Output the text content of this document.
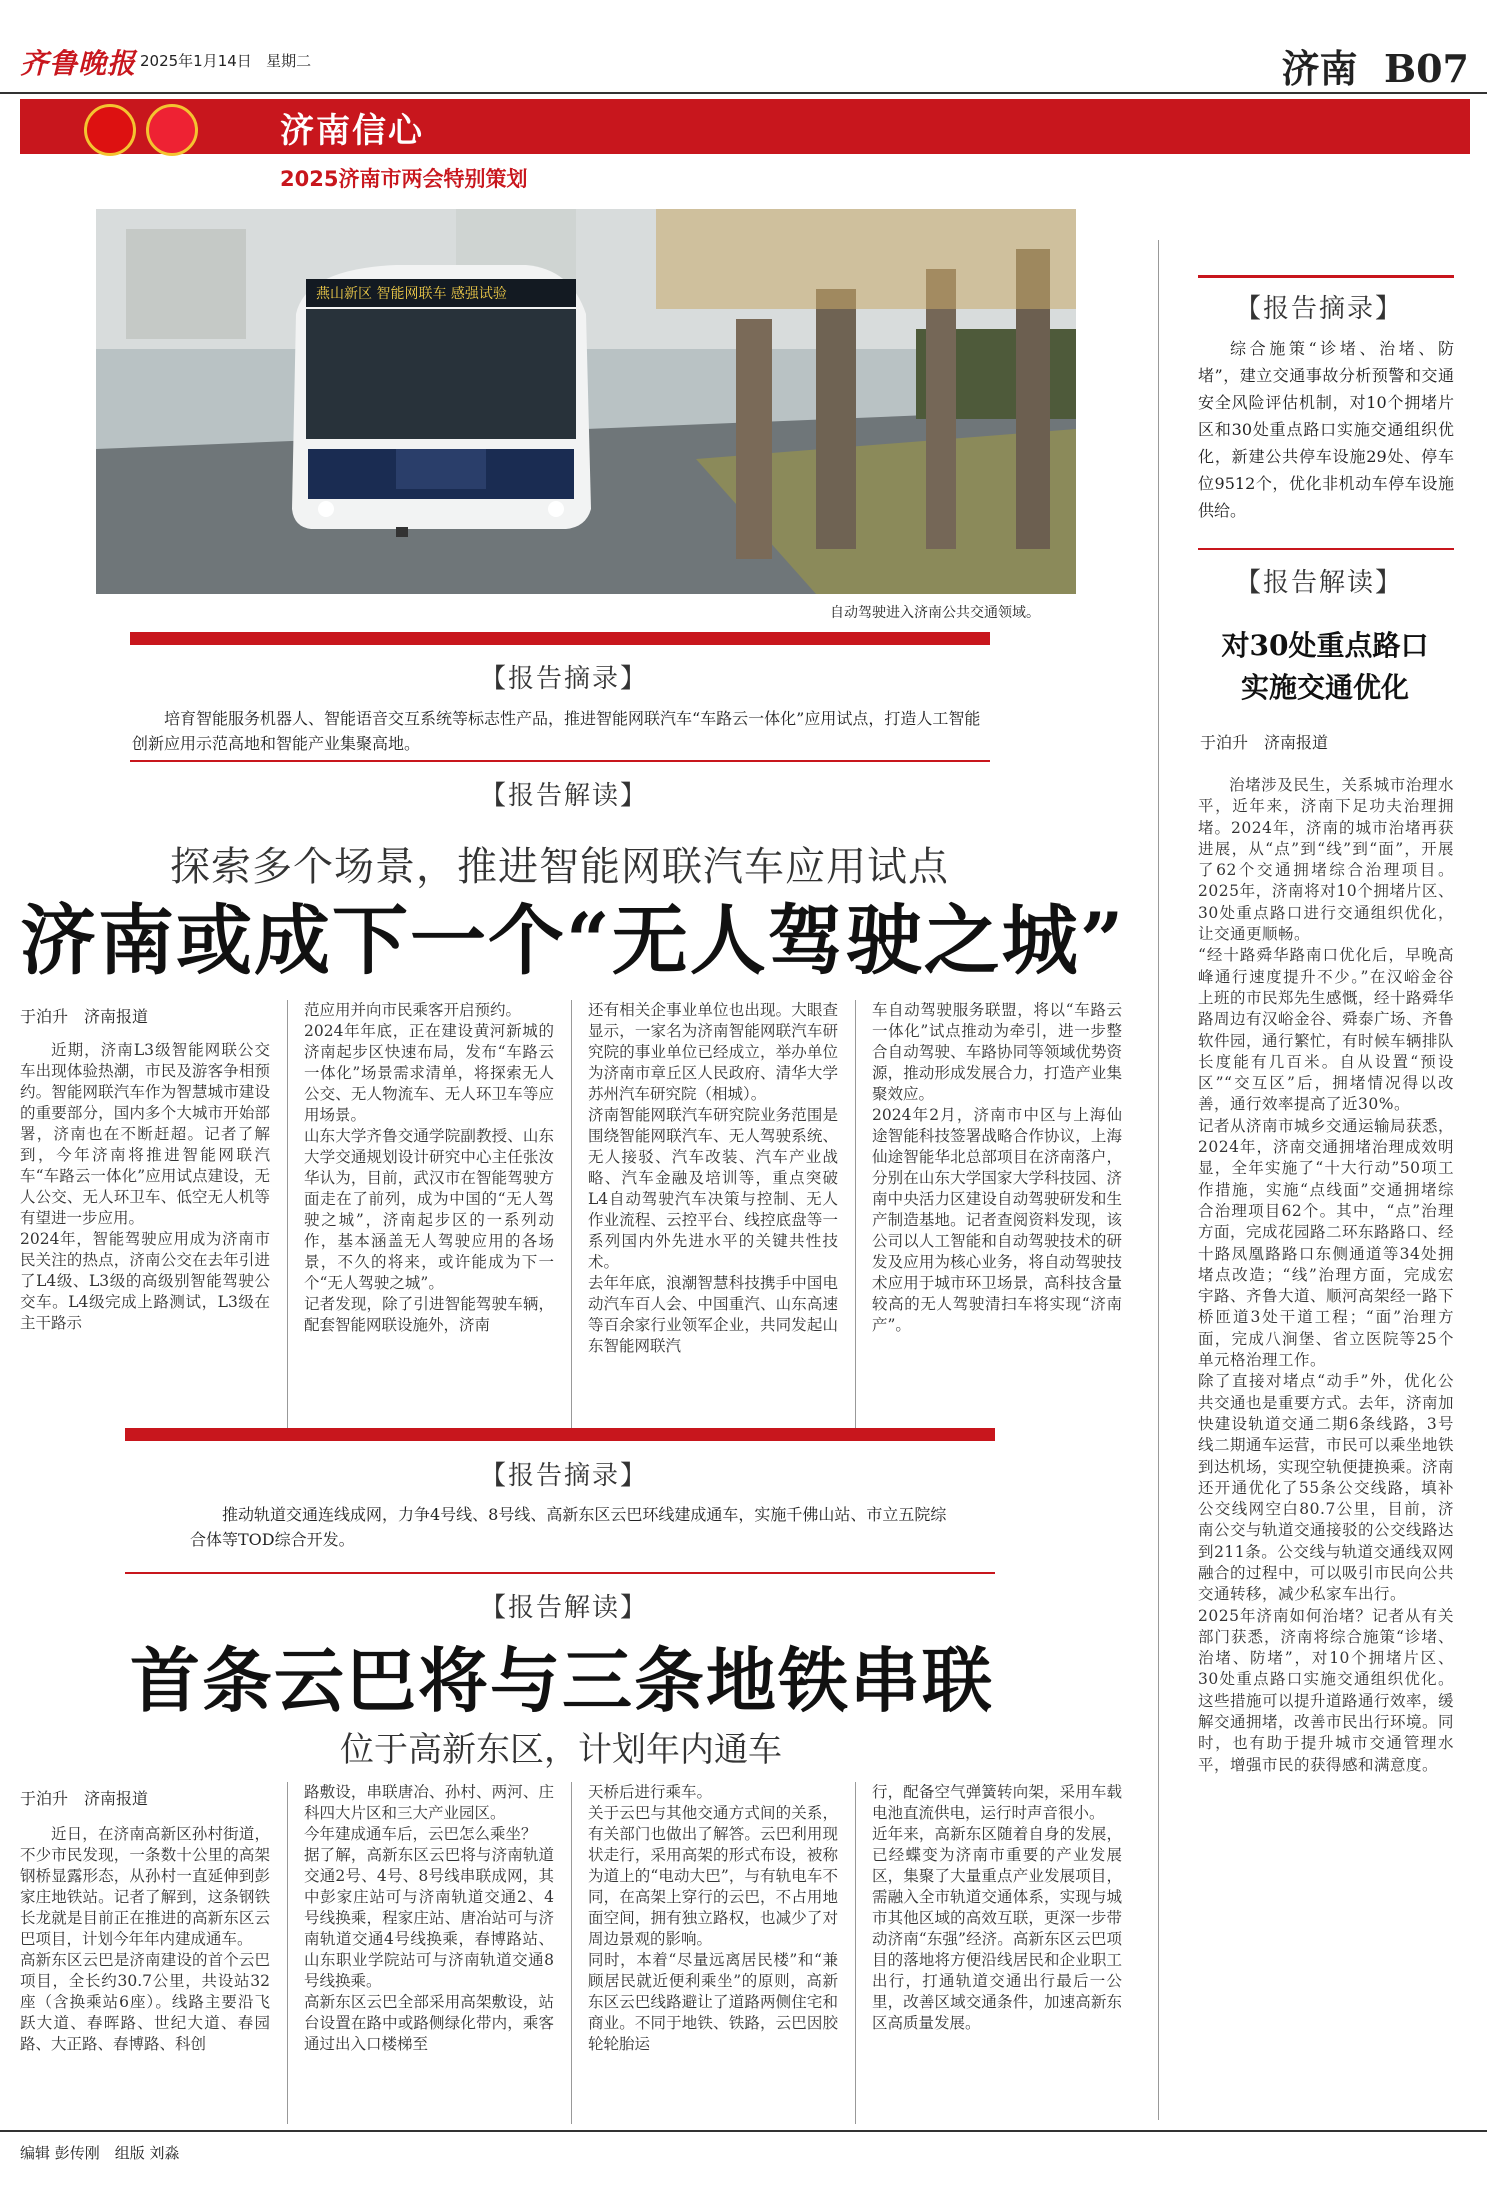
齐鲁晚报 2025年1月14日 星期二	济南 B07
济南信心
2025济南市两会特别策划
燕山新区 智能网联车 感强试验
自动驾驶进入济南公共交通领域。
【报告摘录】
培育智能服务机器人、智能语音交互系统等标志性产品，推进智能网联汽车“车路云一体化”应用试点，打造人工智能创新应用示范高地和智能产业集聚高地。
【报告解读】
探索多个场景，推进智能网联汽车应用试点
济南或成下一个“无人驾驶之城”
于泊升　济南报道

近期，济南L3级智能网联公交车出现体验热潮，市民及游客争相预约。智能网联汽车作为智慧城市建设的重要部分，国内多个大城市开始部署，济南也在不断赶超。记者了解到，今年济南将推进智能网联汽车“车路云一体化”应用试点建设，无人公交、无人环卫车、低空无人机等有望进一步应用。
2024年，智能驾驶应用成为济南市民关注的热点，济南公交在去年引进了L4级、L3级的高级别智能驾驶公交车。L4级完成上路测试，L3级在主干路示

范应用并向市民乘客开启预约。
2024年年底，正在建设黄河新城的济南起步区快速布局，发布“车路云一体化”场景需求清单，将探索无人公交、无人物流车、无人环卫车等应用场景。
山东大学齐鲁交通学院副教授、山东大学交通规划设计研究中心主任张汝华认为，目前，武汉市在智能驾驶方面走在了前列，成为中国的“无人驾驶之城”，济南起步区的一系列动作，基本涵盖无人驾驶应用的各场景，不久的将来，或许能成为下一个“无人驾驶之城”。
记者发现，除了引进智能驾驶车辆，配套智能网联设施外，济南

还有相关企事业单位也出现。大眼查显示，一家名为济南智能网联汽车研究院的事业单位已经成立，举办单位为济南市章丘区人民政府、清华大学苏州汽车研究院（相城）。
济南智能网联汽车研究院业务范围是围绕智能网联汽车、无人驾驶系统、无人接驳、汽车改装、汽车产业战略、汽车金融及培训等，重点突破L4自动驾驶汽车决策与控制、无人作业流程、云控平台、线控底盘等一系列国内外先进水平的关键共性技术。
去年年底，浪潮智慧科技携手中国电动汽车百人会、中国重汽、山东高速等百余家行业领军企业，共同发起山东智能网联汽

车自动驾驶服务联盟，将以“车路云一体化”试点推动为牵引，进一步整合自动驾驶、车路协同等领域优势资源，推动形成发展合力，打造产业集聚效应。
2024年2月，济南市中区与上海仙途智能科技签署战略合作协议，上海仙途智能华北总部项目在济南落户，分别在山东大学国家大学科技园、济南中央活力区建设自动驾驶研发和生产制造基地。记者查阅资料发现，该公司以人工智能和自动驾驶技术的研发及应用为核心业务，将自动驾驶技术应用于城市环卫场景，高科技含量较高的无人驾驶清扫车将实现“济南产”。

【报告摘录】
推动轨道交通连线成网，力争4号线、8号线、高新东区云巴环线建成通车，实施千佛山站、市立五院综合体等TOD综合开发。
【报告解读】
首条云巴将与三条地铁串联
位于高新东区，计划年内通车
于泊升　济南报道

近日，在济南高新区孙村街道，不少市民发现，一条数十公里的高架钢桥显露形态，从孙村一直延伸到彭家庄地铁站。记者了解到，这条钢铁长龙就是目前正在推进的高新东区云巴项目，计划今年年内建成通车。
高新东区云巴是济南建设的首个云巴项目，全长约30.7公里，共设站32座（含换乘站6座）。线路主要沿飞跃大道、春晖路、世纪大道、春园路、大正路、春博路、科创

路敷设，串联唐冶、孙村、两河、庄科四大片区和三大产业园区。
今年建成通车后，云巴怎么乘坐？
据了解，高新东区云巴将与济南轨道交通2号、4号、8号线串联成网，其中彭家庄站可与济南轨道交通2、4号线换乘，程家庄站、唐冶站可与济南轨道交通4号线换乘，春博路站、山东职业学院站可与济南轨道交通8号线换乘。
高新东区云巴全部采用高架敷设，站台设置在路中或路侧绿化带内，乘客通过出入口楼梯至

天桥后进行乘车。
关于云巴与其他交通方式间的关系，有关部门也做出了解答。云巴利用现状走行，采用高架的形式布设，被称为道上的“电动大巴”，与有轨电车不同，在高架上穿行的云巴，不占用地面空间，拥有独立路权，也减少了对周边景观的影响。
同时，本着“尽量远离居民楼”和“兼顾居民就近便利乘坐”的原则，高新东区云巴线路避让了道路两侧住宅和商业。不同于地铁、铁路，云巴因胶轮轮胎运

行，配备空气弹簧转向架，采用车载电池直流供电，运行时声音很小。
近年来，高新东区随着自身的发展，已经蝶变为济南市重要的产业发展区，集聚了大量重点产业发展项目，需融入全市轨道交通体系，实现与城市其他区域的高效互联，更深一步带动济南“东强”经济。高新东区云巴项目的落地将方便沿线居民和企业职工出行，打通轨道交通出行最后一公里，改善区域交通条件，加速高新东区高质量发展。

【报告摘录】
综合施策“诊堵、治堵、防堵”，建立交通事故分析预警和交通安全风险评估机制，对10个拥堵片区和30处重点路口实施交通组织优化，新建公共停车设施29处、停车位9512个，优化非机动车停车设施供给。
【报告解读】
对30处重点路口
实施交通优化
于泊升　济南报道

治堵涉及民生，关系城市治理水平，近年来，济南下足功夫治理拥堵。2024年，济南的城市治堵再获进展，从“点”到“线”到“面”，开展了62个交通拥堵综合治理项目。2025年，济南将对10个拥堵片区、30处重点路口进行交通组织优化，让交通更顺畅。
“经十路舜华路南口优化后，早晚高峰通行速度提升不少。”在汉峪金谷上班的市民郑先生感慨，经十路舜华路周边有汉峪金谷、舜泰广场、齐鲁软件园，通行繁忙，有时候车辆排队长度能有几百米。自从设置“预设区”“交互区”后，拥堵情况得以改善，通行效率提高了近30%。
记者从济南市城乡交通运输局获悉，2024年，济南交通拥堵治理成效明显，全年实施了“十大行动”50项工作措施，实施“点线面”交通拥堵综合治理项目62个。其中，“点”治理方面，完成花园路二环东路路口、经十路凤凰路路口东侧通道等34处拥堵点改造；“线”治理方面，完成宏宇路、齐鲁大道、顺河高架经一路下桥匝道3处干道工程；“面”治理方面，完成八涧堡、省立医院等25个单元格治理工作。
除了直接对堵点“动手”外，优化公共交通也是重要方式。去年，济南加快建设轨道交通二期6条线路，3号线二期通车运营，市民可以乘坐地铁到达机场，实现空轨便捷换乘。济南还开通优化了55条公交线路，填补公交线网空白80.7公里，目前，济南公交与轨道交通接驳的公交线路达到211条。公交线与轨道交通线双网融合的过程中，可以吸引市民向公共交通转移，减少私家车出行。
2025年济南如何治堵？记者从有关部门获悉，济南将综合施策“诊堵、治堵、防堵”，对10个拥堵片区、30处重点路口实施交通组织优化。这些措施可以提升道路通行效率，缓解交通拥堵，改善市民出行环境。同时，也有助于提升城市交通管理水平，增强市民的获得感和满意度。

编辑 彭传刚　组版 刘淼
